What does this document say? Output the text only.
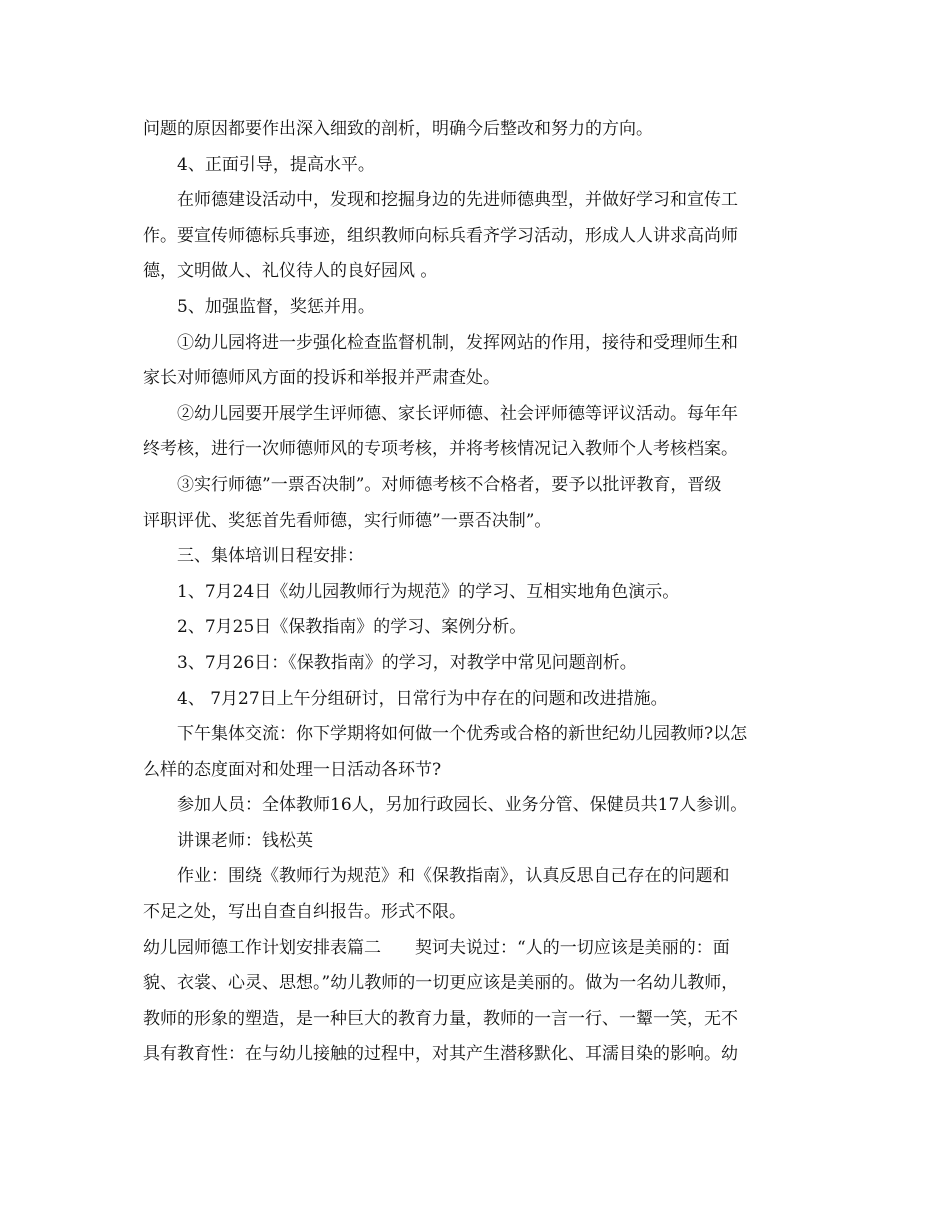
问题的原因都要作出深入细致的剖析，明确今后整改和努力的方向。
4、正面引导，提高水平。
在师德建设活动中，发现和挖掘身边的先进师德典型，并做好学习和宣传工
作。要宣传师德标兵事迹，组织教师向标兵看齐学习活动，形成人人讲求高尚师
德，文明做人、礼仪待人的良好园风 。
5、加强监督，奖惩并用。
①幼儿园将进一步强化检查监督机制，发挥网站的作用，接待和受理师生和
家长对师德师风方面的投诉和举报并严肃查处。
②幼儿园要开展学生评师德、家长评师德、社会评师德等评议活动。每年年
终考核，进行一次师德师风的专项考核，并将考核情况记入教师个人考核档案。
③实行师德”一票否决制”。对师德考核不合格者，要予以批评教育，晋级
评职评优、奖惩首先看师德，实行师德”一票否决制”。
三、集体培训日程安排：
1、7月24日《幼儿园教师行为规范》的学习、互相实地角色演示。
2、7月25日《保教指南》的学习、案例分析。
3、7月26日：《保教指南》的学习，对教学中常见问题剖析。
4、 7月27日上午分组研讨，日常行为中存在的问题和改进措施。
下午集体交流：你下学期将如何做一个优秀或合格的新世纪幼儿园教师?以怎
么样的态度面对和处理一日活动各环节?
参加人员：全体教师16人，另加行政园长、业务分管、保健员共17人参训。
讲课老师：钱松英
作业：围绕《教师行为规范》和《保教指南》，认真反思自己存在的问题和
不足之处，写出自查自纠报告。形式不限。
幼儿园师德工作计划安排表篇二　　契诃夫说过：“人的一切应该是美丽的：面
貌、衣裳、心灵、思想。”幼儿教师的一切更应该是美丽的。做为一名幼儿教师，
教师的形象的塑造，是一种巨大的教育力量，教师的一言一行、一颦一笑，无不
具有教育性：在与幼儿接触的过程中，对其产生潜移默化、耳濡目染的影响。幼
